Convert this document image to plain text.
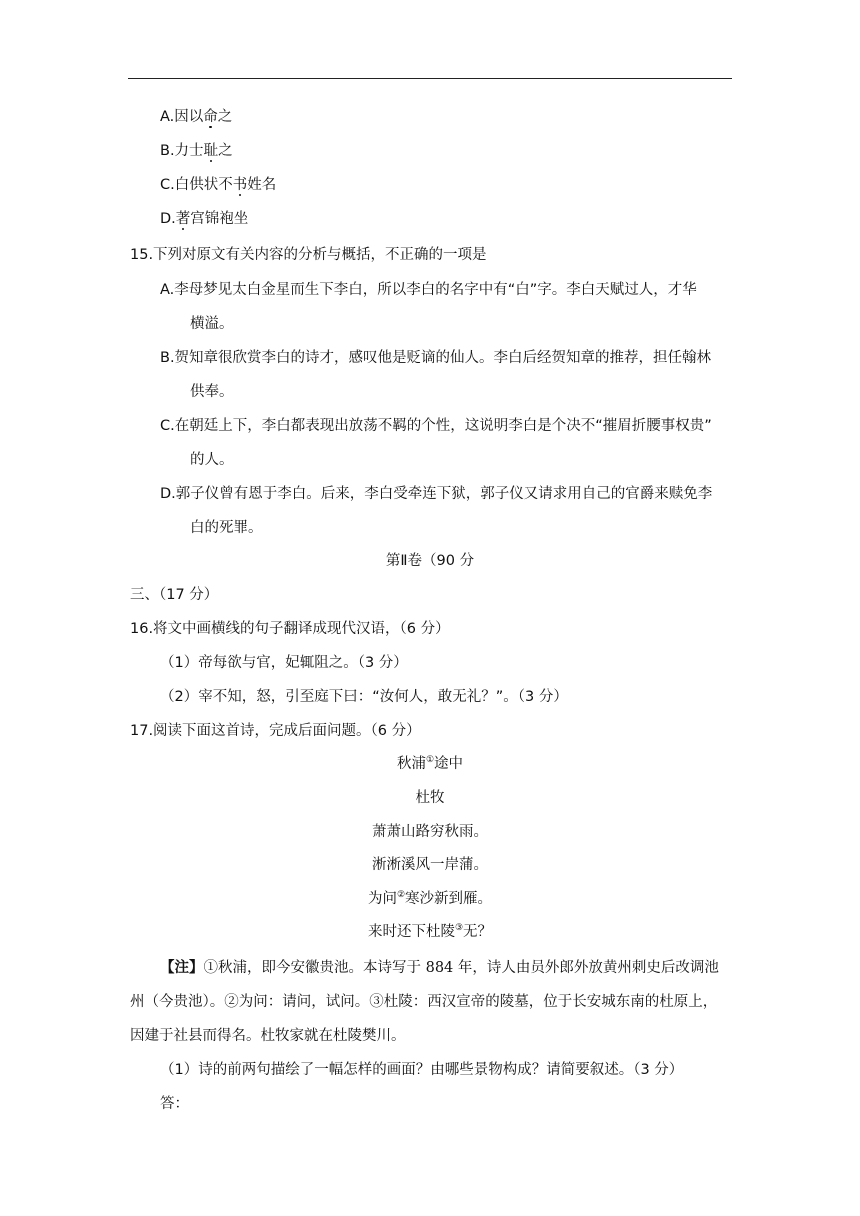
A.因以命之
B.力士耻之
C.白供状不书姓名
D.著宫锦袍坐
15.下列对原文有关内容的分析与概括，不正确的一项是
A.李母梦见太白金星而生下李白，所以李白的名字中有“白”字。李白天赋过人，才华
横溢。
B.贺知章很欣赏李白的诗才，感叹他是贬谪的仙人。李白后经贺知章的推荐，担任翰林
供奉。
C.在朝廷上下，李白都表现出放荡不羁的个性，这说明李白是个决不“摧眉折腰事权贵”
的人。
D.郭子仪曾有恩于李白。后来，李白受牵连下狱，郭子仪又请求用自己的官爵来赎免李
白的死罪。
第Ⅱ卷（90 分
三、（17 分）
16.将文中画横线的句子翻译成现代汉语，（6 分）
（1）帝每欲与官，妃辄阻之。（3 分）
（2）宰不知，怒，引至庭下曰：“汝何人，敢无礼？”。（3 分）
17.阅读下面这首诗，完成后面问题。（6 分）
秋浦①途中
杜牧
萧萧山路穷秋雨。
淅淅溪风一岸蒲。
为问②寒沙新到雁。
来时还下杜陵③无？
【注】①秋浦，即今安徽贵池。本诗写于 884 年，诗人由员外郎外放黄州刺史后改调池
州（今贵池）。②为问：请问，试问。③杜陵：西汉宣帝的陵墓，位于长安城东南的杜原上，
因建于社县而得名。杜牧家就在杜陵樊川。
（1）诗的前两句描绘了一幅怎样的画面？由哪些景物构成？请简要叙述。（3 分）
答：
